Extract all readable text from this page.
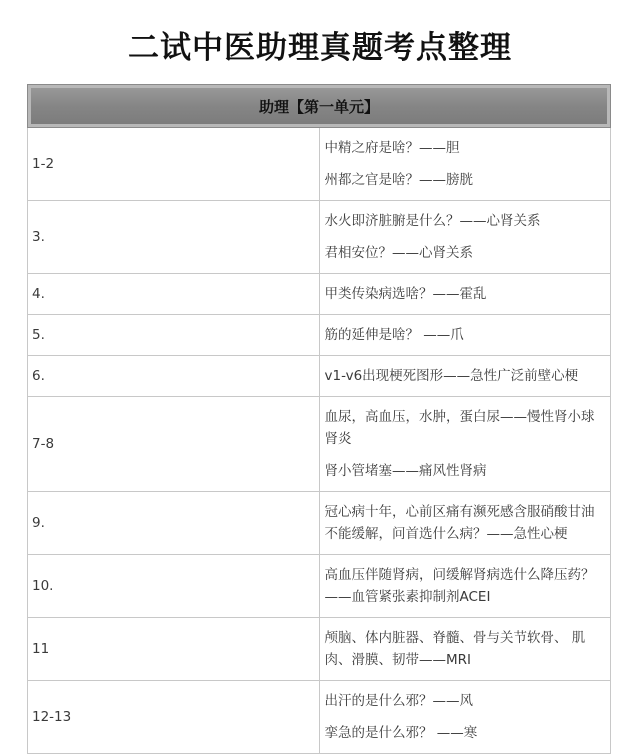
二试中医助理真题考点整理
助理【第一单元】	
1-2	中精之府是啥？——胆
州都之官是啥？——膀胱

3.	水火即济脏腑是什么？——心肾关系
君相安位？——心肾关系

4.	甲类传染病选啥？——霍乱

5.	筋的延伸是啥？ ——爪

6.	v1-v6出现梗死图形——急性广泛前壁心梗

7-8	血尿，高血压，水肿，蛋白尿——慢性肾小球肾炎
肾小管堵塞——痛风性肾病

9.	冠心病十年，心前区痛有濒死感含服硝酸甘油不能缓解，问首选什么病？——急性心梗

10.	高血压伴随肾病，问缓解肾病选什么降压药？——血管紧张素抑制剂ACEI

11	颅脑、体内脏器、脊髓、骨与关节软骨、 肌肉、滑膜、韧带——MRI

12-13	出汗的是什么邪？——风
挛急的是什么邪？ ——寒
